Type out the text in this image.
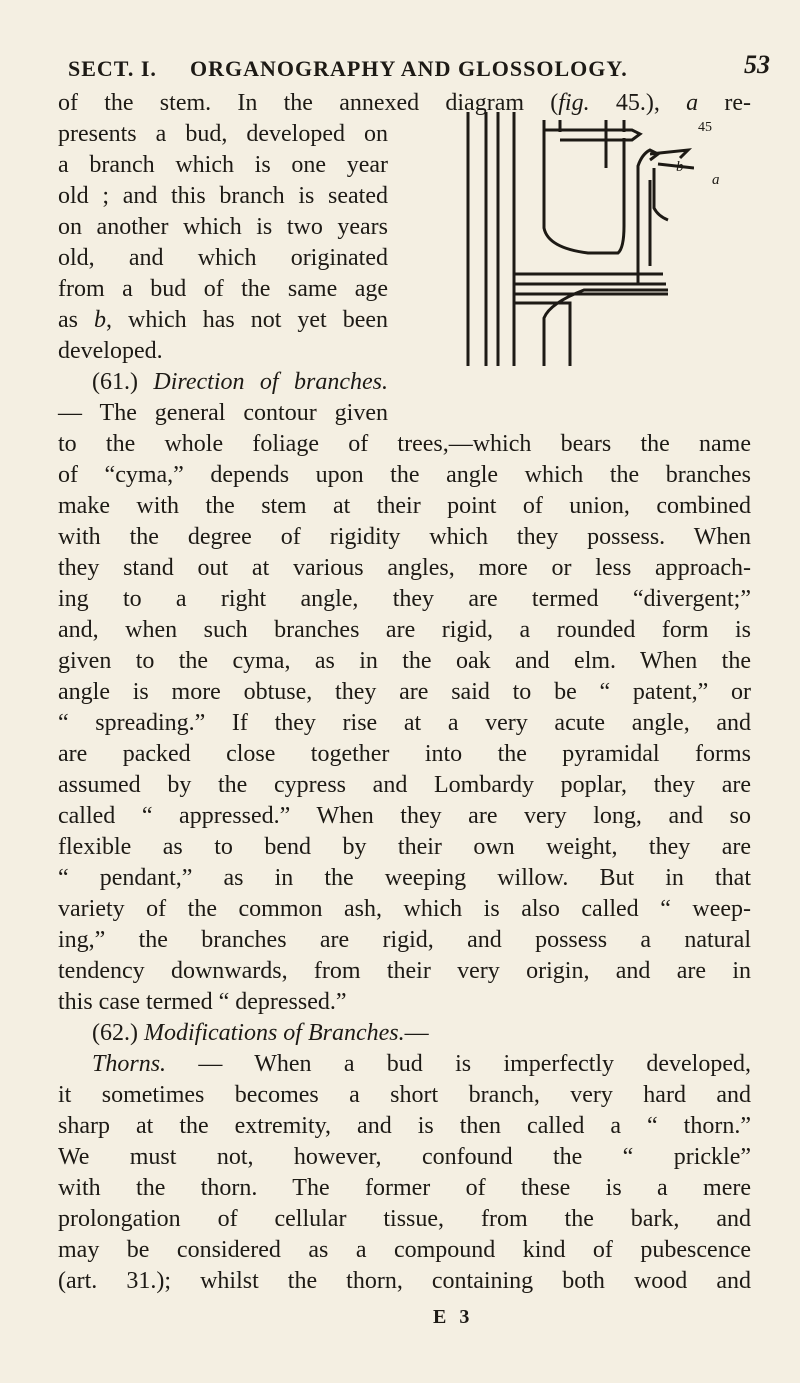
SECT. I. ORGANOGRAPHY AND GLOSSOLOGY.	53
45
b
a
of the stem. In the annexed diagram (fig. 45.), a re-
presents a bud, developed on
a branch which is one year
old ; and this branch is seated
on another which is two years
old, and which originated
from a bud of the same age
as b, which has not yet been
developed.
(61.) Direction of branches.
— The general contour given
to the whole foliage of trees,—which bears the name
of “cyma,” depends upon the angle which the branches
make with the stem at their point of union, combined
with the degree of rigidity which they possess. When
they stand out at various angles, more or less approach-
ing to a right angle, they are termed “divergent;”
and, when such branches are rigid, a rounded form is
given to the cyma, as in the oak and elm. When the
angle is more obtuse, they are said to be “ patent,” or
“ spreading.” If they rise at a very acute angle, and
are packed close together into the pyramidal forms
assumed by the cypress and Lombardy poplar, they are
called “ appressed.” When they are very long, and so
flexible as to bend by their own weight, they are
“ pendant,” as in the weeping willow. But in that
variety of the common ash, which is also called “ weep-
ing,” the branches are rigid, and possess a natural
tendency downwards, from their very origin, and are in
this case termed “ depressed.”
(62.) Modifications of Branches.—
Thorns. — When a bud is imperfectly developed,
it sometimes becomes a short branch, very hard and
sharp at the extremity, and is then called a “ thorn.”
We must not, however, confound the “ prickle”
with the thorn. The former of these is a mere
prolongation of cellular tissue, from the bark, and
may be considered as a compound kind of pubescence
(art. 31.); whilst the thorn, containing both wood and
E 3
